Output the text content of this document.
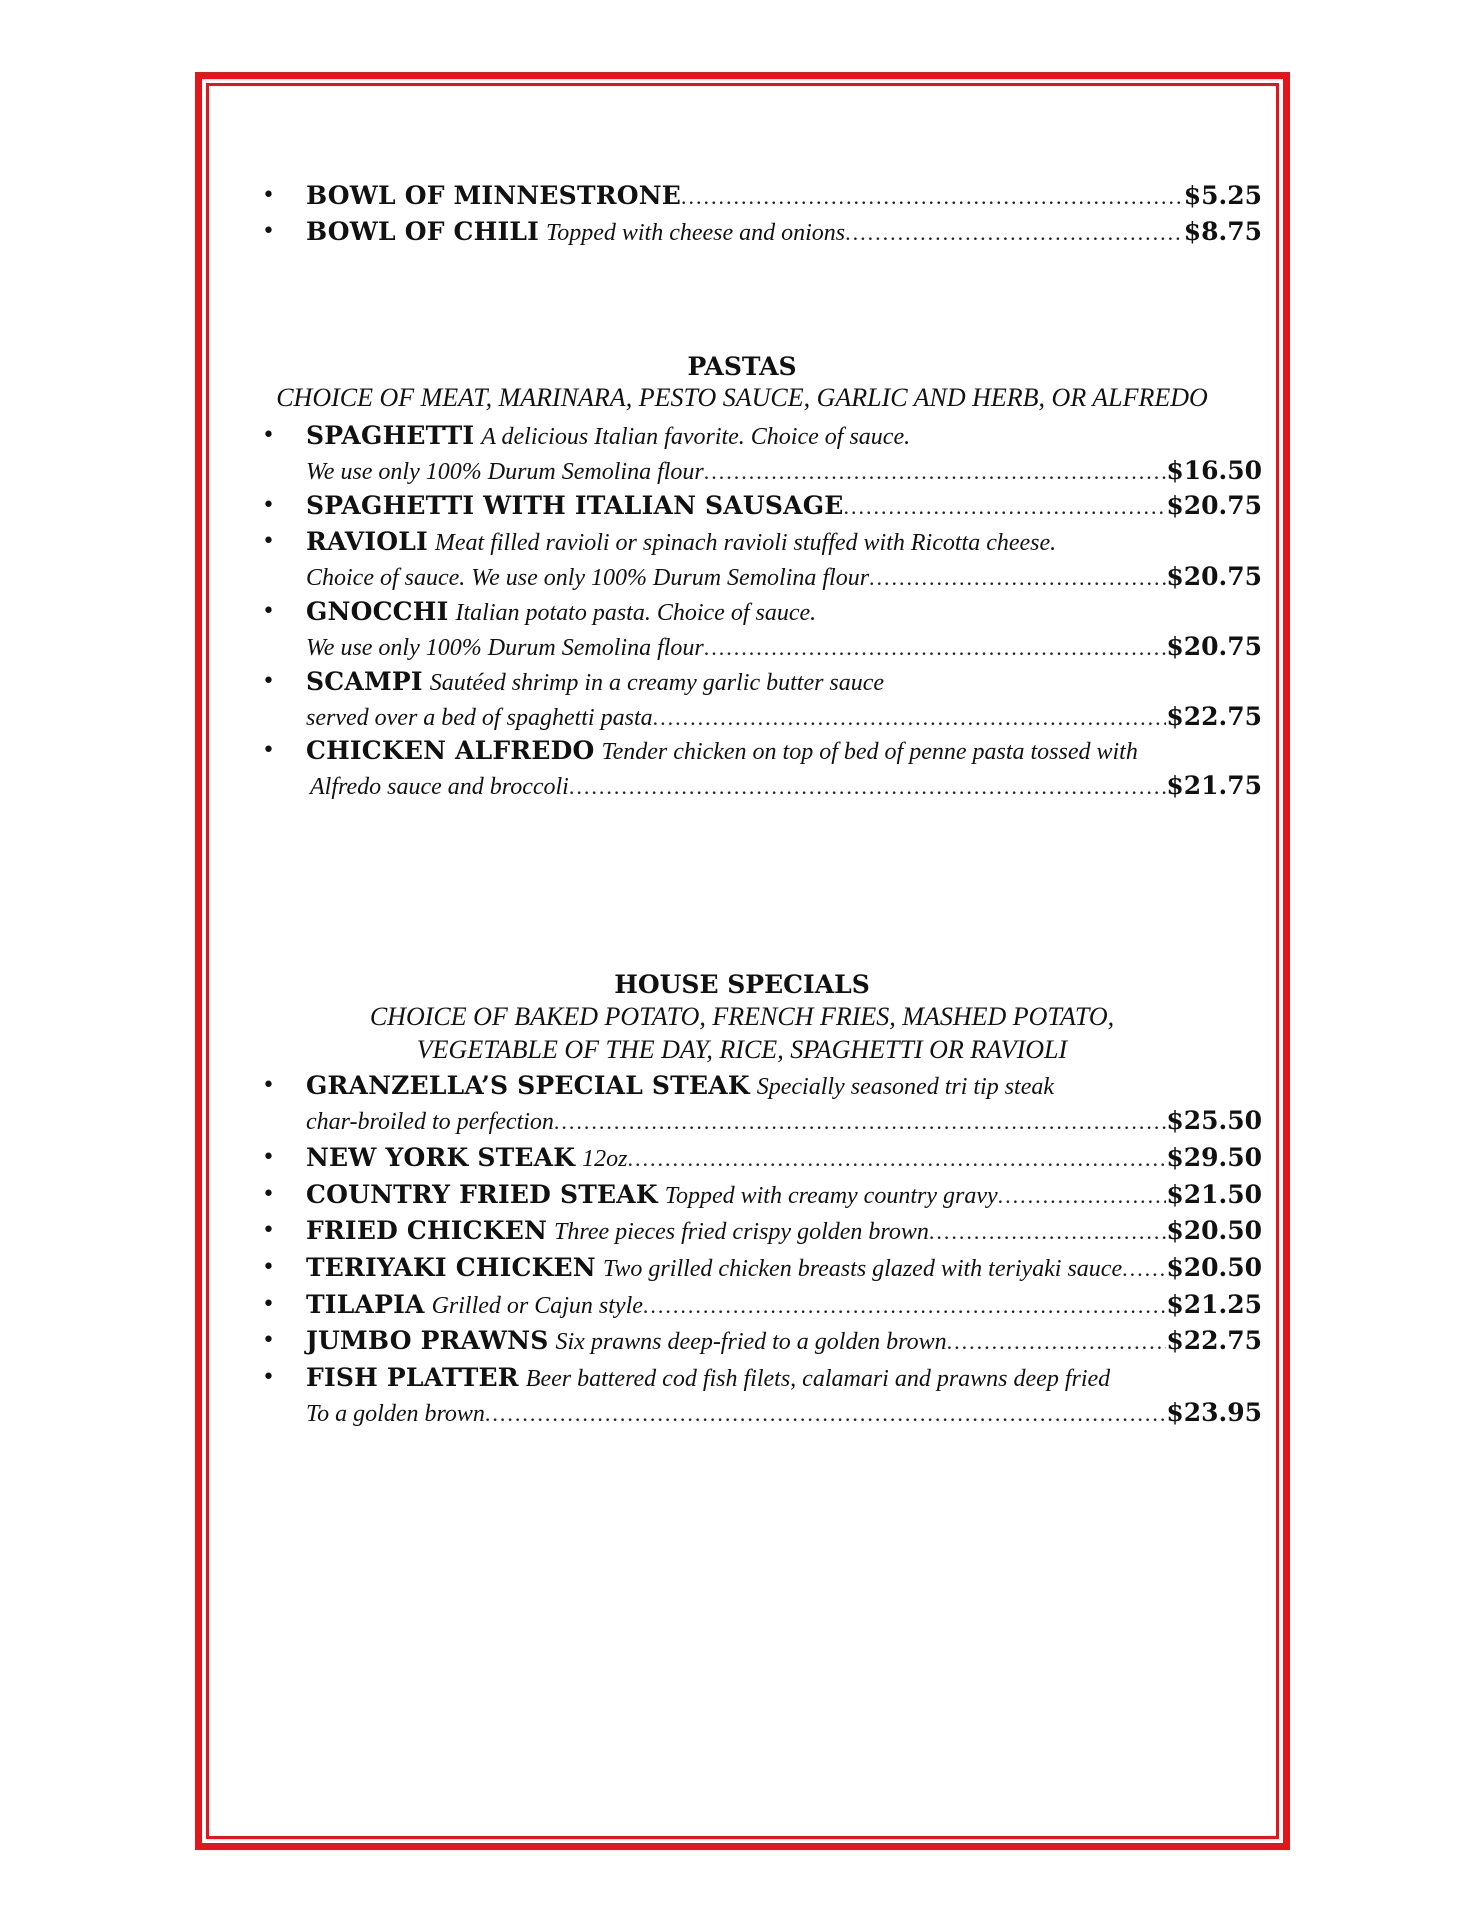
•	BOWL OF MINNESTRONE .....	$5.25
•	BOWL OF CHILI Topped with cheese and onions .....	$8.75
PASTAS
CHOICE OF MEAT, MARINARA, PESTO SAUCE, GARLIC AND HERB, OR ALFREDO
•	SPAGHETTI A delicious Italian favorite. Choice of sauce.
We use only 100% Durum Semolina flour .....	$16.50
•	SPAGHETTI WITH ITALIAN SAUSAGE .....	$20.75
•	RAVIOLI Meat filled ravioli or spinach ravioli stuffed with Ricotta cheese.
Choice of sauce. We use only 100% Durum Semolina flour .....	$20.75
•	GNOCCHI Italian potato pasta. Choice of sauce.
We use only 100% Durum Semolina flour .....	$20.75
•	SCAMPI Sautéed shrimp in a creamy garlic butter sauce
served over a bed of spaghetti pasta .....	$22.75
•	CHICKEN ALFREDO Tender chicken on top of bed of penne pasta tossed with
Alfredo sauce and broccoli .....	$21.75
HOUSE SPECIALS
CHOICE OF BAKED POTATO, FRENCH FRIES, MASHED POTATO,
VEGETABLE OF THE DAY, RICE, SPAGHETTI OR RAVIOLI
•	GRANZELLA’S SPECIAL STEAK Specially seasoned tri tip steak
char-broiled to perfection .....	$25.50
•	NEW YORK STEAK 12oz .....	$29.50
•	COUNTRY FRIED STEAK Topped with creamy country gravy .....	$21.50
•	FRIED CHICKEN Three pieces fried crispy golden brown .....	$20.50
•	TERIYAKI CHICKEN Two grilled chicken breasts glazed with teriyaki sauce ..... $20.50
•	TILAPIA Grilled or Cajun style .....	$21.25
•	JUMBO PRAWNS Six prawns deep-fried to a golden brown .....	$22.75
•	FISH PLATTER Beer battered cod fish filets, calamari and prawns deep fried
To a golden brown .....	$23.95
